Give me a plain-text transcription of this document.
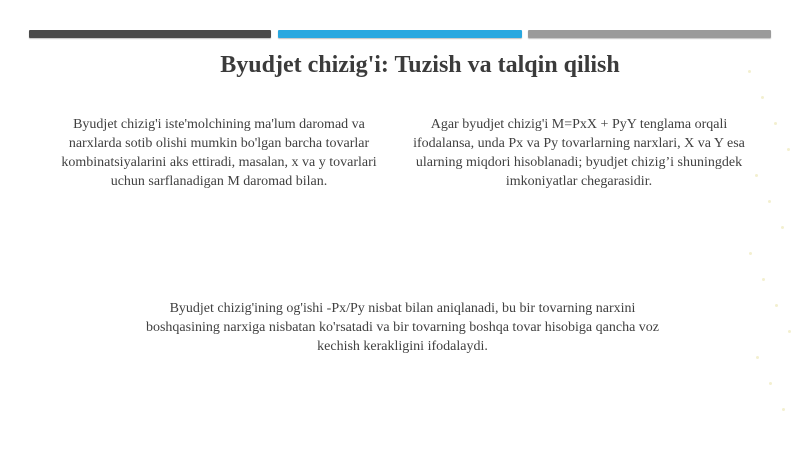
Byudjet chizig'i: Tuzish va talqin qilish

Byudjet chizig'i iste'molchining ma'lum daromad va narxlarda sotib olishi mumkin bo'lgan barcha tovarlar kombinatsiyalarini aks ettiradi, masalan, x va y tovarlari uchun sarflanadigan M daromad bilan.

Agar byudjet chizig'i M=PxX + PyY tenglama orqali ifodalansa, unda Px va Py tovarlarning narxlari, X va Y esa ularning miqdori hisoblanadi; byudjet chizig’i shuningdek imkoniyatlar chegarasidir.

Byudjet chizig'ining og'ishi -Px/Py nisbat bilan aniqlanadi, bu bir tovarning narxini boshqasining narxiga nisbatan ko'rsatadi va bir tovarning boshqa tovar hisobiga qancha voz kechish kerakligini ifodalaydi.
